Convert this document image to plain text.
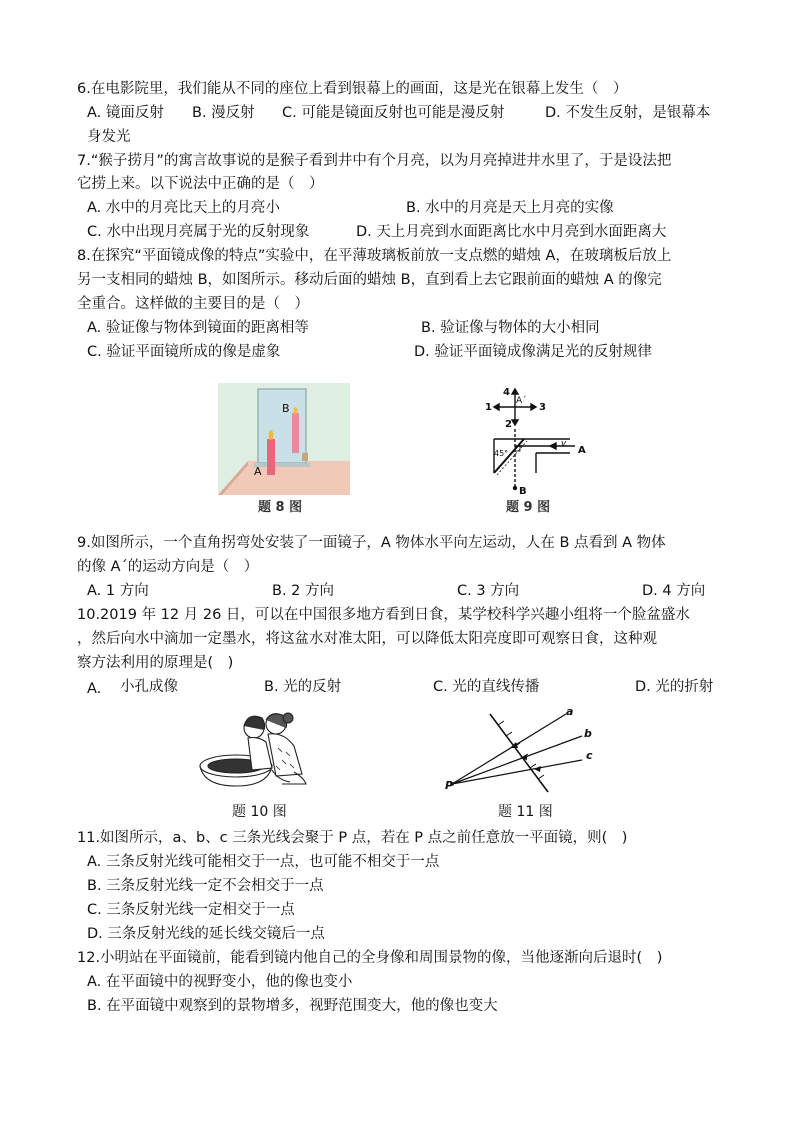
6.在电影院里，我们能从不同的座位上看到银幕上的画面，这是光在银幕上发生（　）
A. 镜面反射 B. 漫反射 C. 可能是镜面反射也可能是漫反射	D. 不发生反射，是银幕本
身发光
7.“猴子捞月”的寓言故事说的是猴子看到井中有个月亮，以为月亮掉进井水里了，于是设法把
它捞上来。以下说法中正确的是（　）
A. 水中的月亮比天上的月亮小	B. 水中的月亮是天上月亮的实像
C. 水中出现月亮属于光的反射现象	D. 天上月亮到水面距离比水中月亮到水面距离大
8.在探究“平面镜成像的特点”实验中，在平薄玻璃板前放一支点燃的蜡烛 A，在玻璃板后放上
另一支相同的蜡烛 B，如图所示。移动后面的蜡烛 B，直到看上去它跟前面的蜡烛 A 的像完
全重合。这样做的主要目的是（　）
A. 验证像与物体到镜面的距离相等	B. 验证像与物体的大小相同
C. 验证平面镜所成的像是虚象	D. 验证平面镜成像满足光的反射规律
B
A
题 8 图
4
1	3
2
A´
45°
v
A
B
题 9 图
9.如图所示，一个直角拐弯处安装了一面镜子，A 物体水平向左运动，人在 B 点看到 A 物体
的像 A´的运动方向是（　）
A. 1 方向	B. 2 方向	C. 3 方向	D. 4 方向
10.2019 年 12 月 26 日，可以在中国很多地方看到日食，某学校科学兴趣小组将一个脸盆盛水
，然后向水中滴加一定墨水，将这盆水对准太阳，可以降低太阳亮度即可观察日食，这种观
察方法利用的原理是(　)
A. 小孔成像	B. 光的反射	C. 光的直线传播	D. 光的折射
题 10 图
a
b
c
P
题 11 图
11.如图所示，a、b、c 三条光线会聚于 P 点，若在 P 点之前任意放一平面镜，则(　)
A. 三条反射光线可能相交于一点，也可能不相交于一点
B. 三条反射光线一定不会相交于一点
C. 三条反射光线一定相交于一点
D. 三条反射光线的延长线交镜后一点
12.小明站在平面镜前，能看到镜内他自己的全身像和周围景物的像，当他逐渐向后退时(　)
A. 在平面镜中的视野变小，他的像也变小
B. 在平面镜中观察到的景物增多，视野范围变大，他的像也变大
